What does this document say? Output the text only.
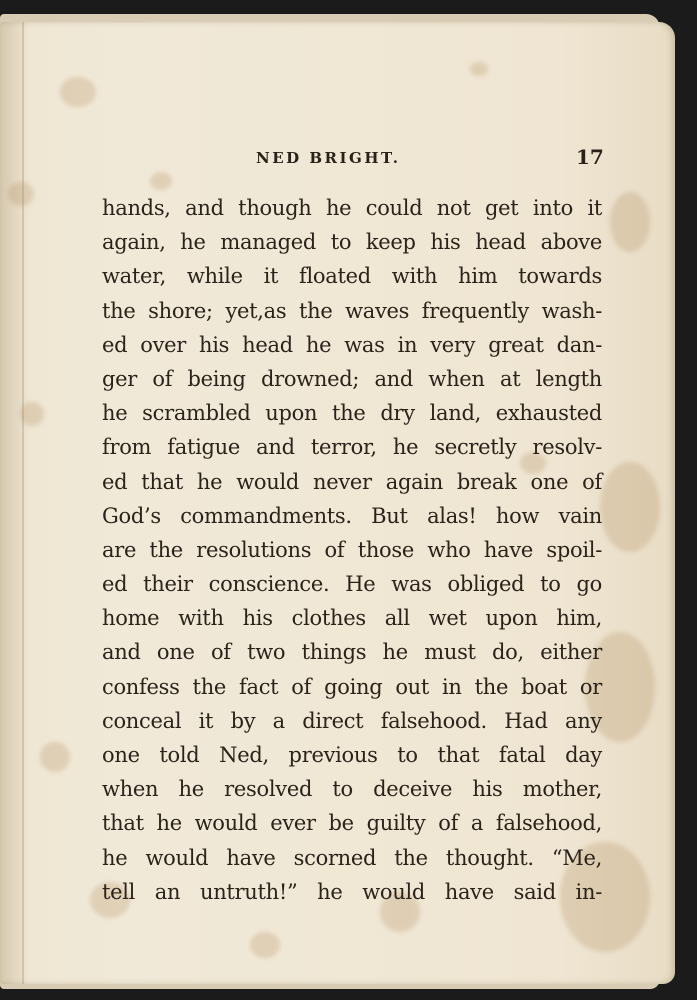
NED BRIGHT.	17
hands, and though he could not get into it
again, he managed to keep his head above
water, while it floated with him towards
the shore; yet,as the waves frequently wash-
ed over his head he was in very great dan-
ger of being drowned; and when at length
he scrambled upon the dry land, exhausted
from fatigue and terror, he secretly resolv-
ed that he would never again break one of
God’s commandments. But alas! how vain
are the resolutions of those who have spoil-
ed their conscience. He was obliged to go
home with his clothes all wet upon him,
and one of two things he must do, either
confess the fact of going out in the boat or
conceal it by a direct falsehood. Had any
one told Ned, previous to that fatal day
when he resolved to deceive his mother,
that he would ever be guilty of a falsehood,
he would have scorned the thought. “Me,
tell an untruth!” he would have said in-
